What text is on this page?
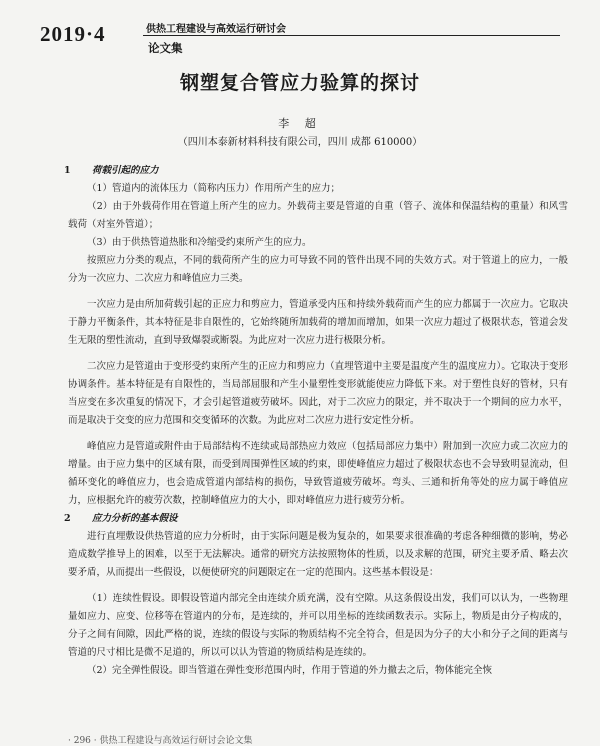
2019·4	供热工程建设与高效运行研讨会
论文集
钢塑复合管应力验算的探讨
李 超
（四川本泰新材料科技有限公司，四川 成都 610000）

1 荷载引起的应力

（1）管道内的流体压力（简称内压力）作用所产生的应力；

（2）由于外载荷作用在管道上所产生的应力。外载荷主要是管道的自重（管子、流体和保温结构的重量）和风雪载荷（对室外管道）；

（3）由于供热管道热胀和冷缩受约束所产生的应力。

按照应力分类的观点，不同的载荷所产生的应力可导致不同的管件出现不同的失效方式。对于管道上的应力，一般分为一次应力、二次应力和峰值应力三类。

一次应力是由所加荷载引起的正应力和剪应力，管道承受内压和持续外载荷而产生的应力都属于一次应力。它取决于静力平衡条件，其本特征是非自限性的，它始终随所加载荷的增加而增加，如果一次应力超过了极限状态，管道会发生无限的塑性流动，直到导致爆裂或断裂。为此应对一次应力进行极限分析。

二次应力是管道由于变形受约束所产生的正应力和剪应力（直埋管道中主要是温度产生的温度应力）。它取决于变形协调条件。基本特征是有自限性的，当局部屈服和产生小量塑性变形就能使应力降低下来。对于塑性良好的管材，只有当应变在多次重复的情况下，才会引起管道疲劳破坏。因此，对于二次应力的限定，并不取决于一个期间的应力水平，而是取决于交变的应力范围和交变循环的次数。为此应对二次应力进行安定性分析。

峰值应力是管道或附件由于局部结构不连续或局部热应力效应（包括局部应力集中）附加到一次应力或二次应力的增量。由于应力集中的区域有限，而受到周围弹性区域的约束，即使峰值应力超过了极限状态也不会导致明显流动，但循环变化的峰值应力，也会造成管道内部结构的损伤，导致管道疲劳破坏。弯头、三通和折角等处的应力属于峰值应力，应根据允许的疲劳次数，控制峰值应力的大小，即对峰值应力进行疲劳分析。

2 应力分析的基本假设

进行直埋敷设供热管道的应力分析时，由于实际问题是极为复杂的，如果要求很准确的考虑各种细微的影响，势必造成数学推导上的困难，以至于无法解决。通常的研究方法按照物体的性质，以及求解的范围，研究主要矛盾、略去次要矛盾，从而提出一些假设，以便使研究的问题限定在一定的范围内。这些基本假设是：

（1）连续性假设。即假设管道内部完全由连续介质充满，没有空隙。从这条假设出发，我们可以认为，一些物理量如应力、应变、位移等在管道内的分布，是连续的，并可以用坐标的连续函数表示。实际上，物质是由分子构成的，分子之间有间隙，因此严格的说，连续的假设与实际的物质结构不完全符合，但是因为分子的大小和分子之间的距离与管道的尺寸相比是微不足道的，所以可以认为管道的物质结构是连续的。

（2）完全弹性假设。即当管道在弹性变形范围内时，作用于管道的外力撤去之后，物体能完全恢

· 296 · 供热工程建设与高效运行研讨会论文集
